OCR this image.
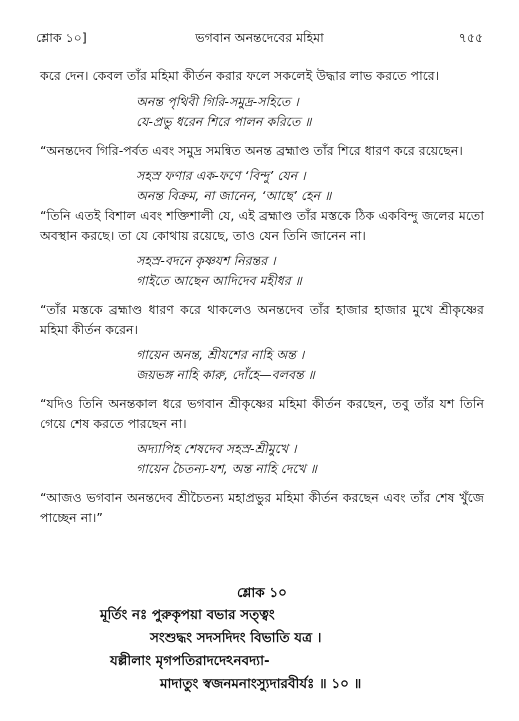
শ্লোক ১০]	ভগবান অনন্তদেবের মহিমা	৭৫৫

করে দেন। কেবল তাঁর মহিমা কীর্তন করার ফলে সকলেই উদ্ধার লাভ করতে পারে।

অনন্ত পৃথিবী গিরি-সমুদ্র-সহিতে ।

যে-প্রভু ধরেন শিরে পালন করিতে ॥

“অনন্তদেব গিরি-পর্বত এবং সমুদ্র সমন্বিত অনন্ত ব্রহ্মাণ্ড তাঁর শিরে ধারণ করে রয়েছেন।

সহস্র ফণার এক-ফণে ‘বিন্দু’ যেন ।

অনন্ত বিক্রম, না জানেন, ‘আছে’ হেন ॥

“তিনি এতই বিশাল এবং শক্তিশালী যে, এই ব্রহ্মাণ্ড তাঁর মস্তকে ঠিক একবিন্দু জলের মতো অবস্থান করছে। তা যে কোথায় রয়েছে, তাও যেন তিনি জানেন না।

সহস্র-বদনে কৃষ্ণযশ নিরন্তর ।

গাইতে আছেন আদিদেব মহীধর ॥

“তাঁর মস্তকে ব্রহ্মাণ্ড ধারণ করে থাকলেও অনন্তদেব তাঁর হাজার হাজার মুখে শ্রীকৃষ্ণের মহিমা কীর্তন করেন।

গায়েন অনন্ত, শ্রীযশের নাহি অন্ত ।

জয়ভঙ্গ নাহি কারু, দোঁহে—বলবন্ত ॥

“যদিও তিনি অনন্তকাল ধরে ভগবান শ্রীকৃষ্ণের মহিমা কীর্তন করছেন, তবু তাঁর যশ তিনি গেয়ে শেষ করতে পারছেন না।

অদ্যাপিহ শেষদেব সহস্র-শ্রীমুখে ।

গায়েন চৈতন্য-যশ, অন্ত নাহি দেখে ॥

“আজও ভগবান অনন্তদেব শ্রীচৈতন্য মহাপ্রভুর মহিমা কীর্তন করছেন এবং তাঁর শেষ খুঁজে পাচ্ছেন না।”

শ্লোক ১০

মূর্তিং নঃ পুরুকৃপয়া বভার সত্ত্বং

সংশুদ্ধং সদসদিদং বিভাতি যত্র ।

যল্লীলাং মৃগপতিরাদদেঽনবদ্যা-

মাদাতুং স্বজনমনাংস্যুদারবীর্যঃ ॥ ১০ ॥
